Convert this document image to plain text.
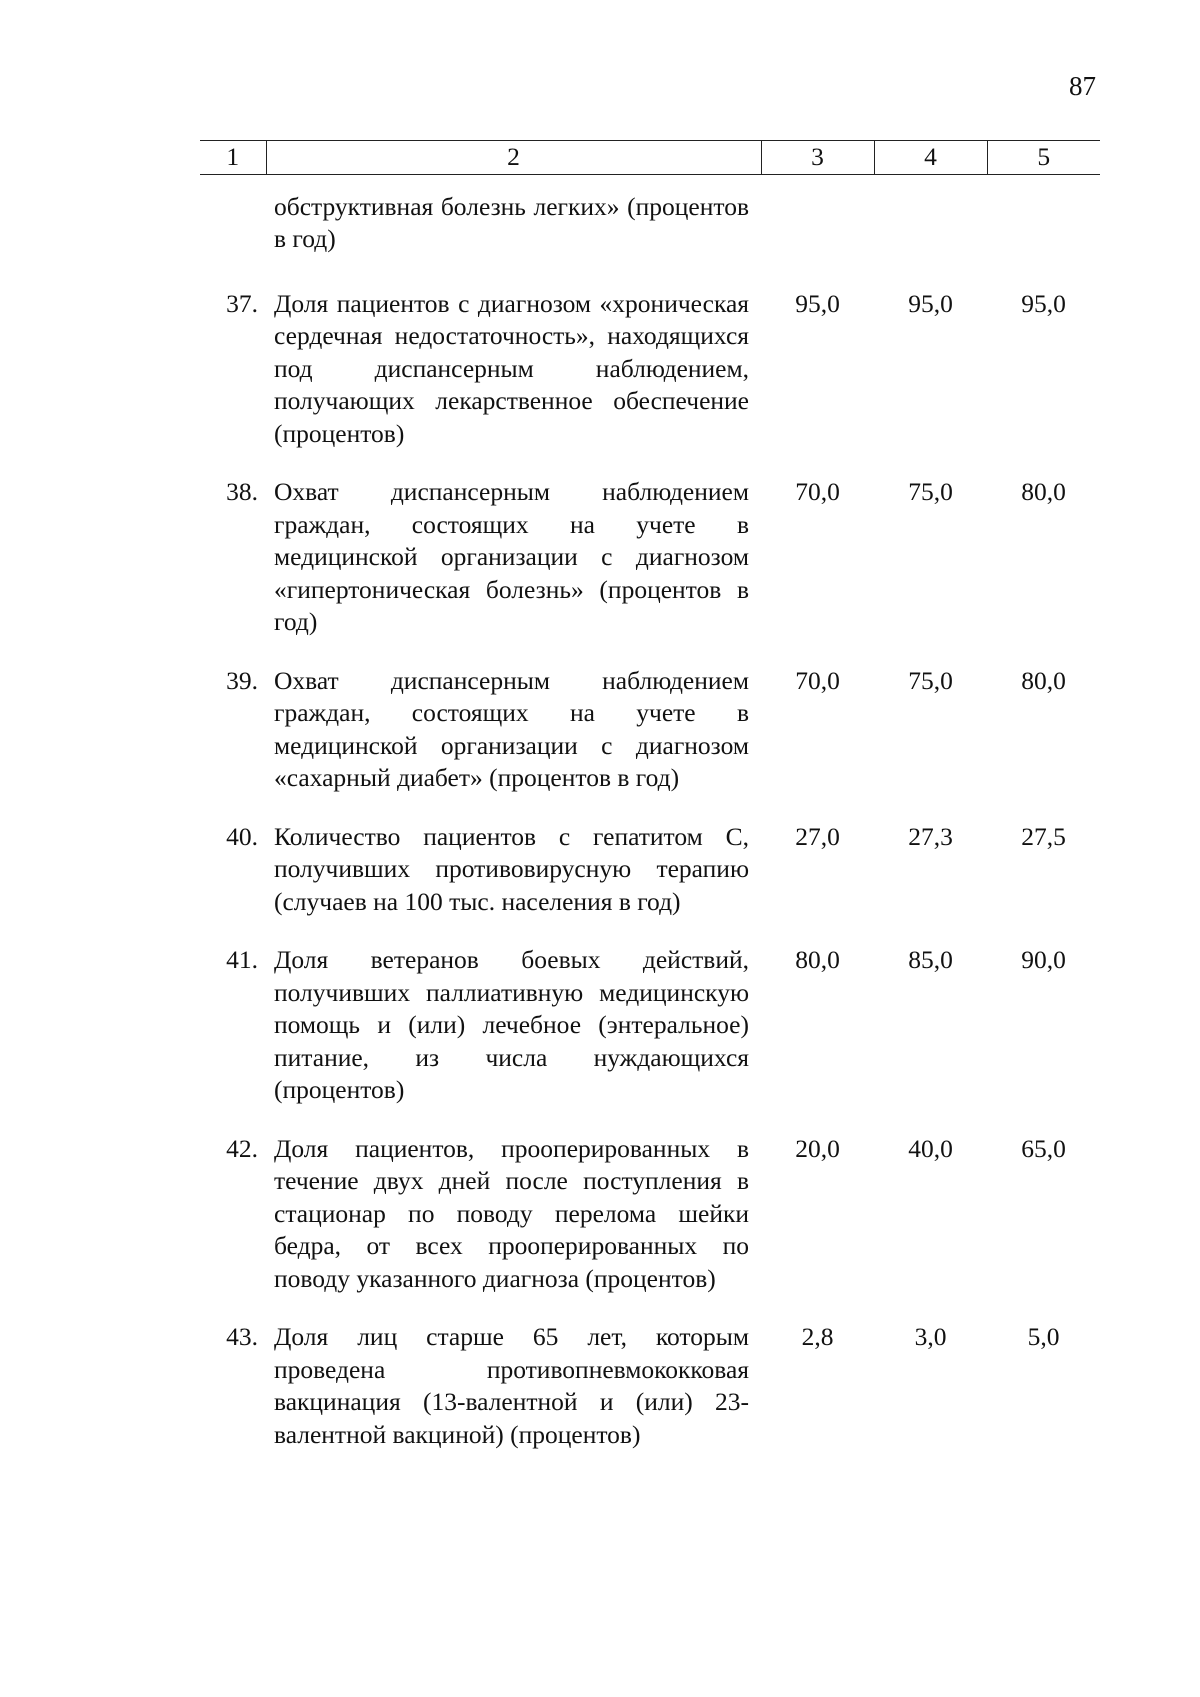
87
1	2	3	4	5
	обструктивная болезнь легких» (процентов в год)			
37.	Доля пациентов с диагнозом «хроническая сердечная недостаточность», находящихся под диспансерным наблюдением, получающих лекарственное обеспечение (процентов)	95,0	95,0	95,0
38.	Охват диспансерным наблюдением граждан, состоящих на учете в медицинской организации с диагнозом «гипертоническая болезнь» (процентов в год)	70,0	75,0	80,0
39.	Охват диспансерным наблюдением граждан, состоящих на учете в медицинской организации с диагнозом «сахарный диабет» (процентов в год)	70,0	75,0	80,0
40.	Количество пациентов с гепатитом С, получивших противовирусную терапию (случаев на 100 тыс. населения в год)	27,0	27,3	27,5
41.	Доля ветеранов боевых действий, получивших паллиативную медицинскую помощь и (или) лечебное (энтеральное) питание, из числа нуждающихся (процентов)	80,0	85,0	90,0
42.	Доля пациентов, прооперированных в течение двух дней после поступления в стационар по поводу перелома шейки бедра, от всех прооперированных по поводу указанного диагноза (процентов)	20,0	40,0	65,0
43.	Доля лиц старше 65 лет, которым проведена противопневмококковая вакцинация (13-валентной и (или) 23-валентной вакциной) (процентов)	2,8	3,0	5,0
